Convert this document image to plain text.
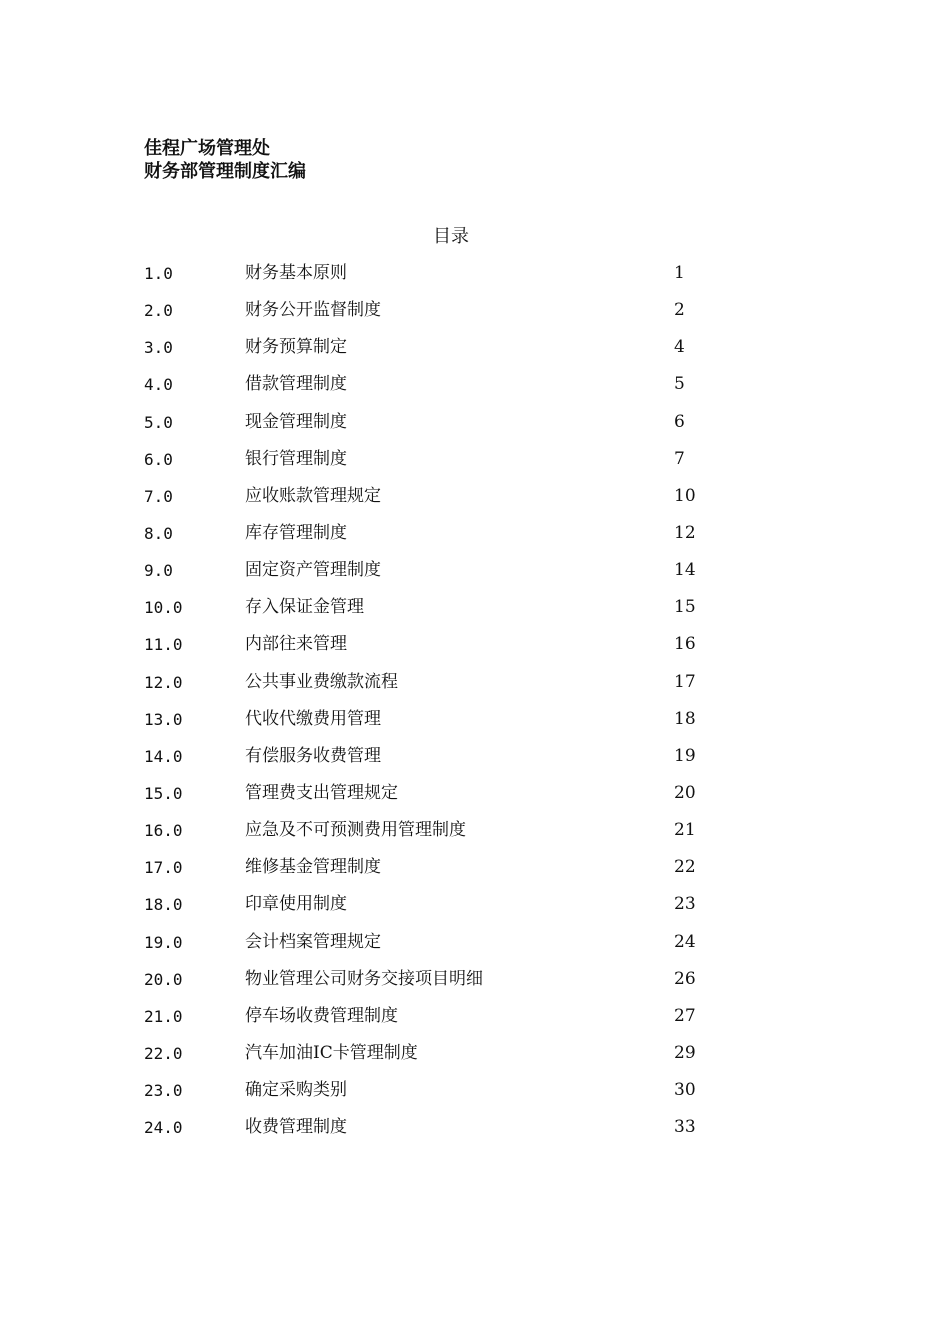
佳程广场管理处
财务部管理制度汇编
目录
1.0	财务基本原则	1
2.0	财务公开监督制度	2
3.0	财务预算制定	4
4.0	借款管理制度	5
5.0	现金管理制度	6
6.0	银行管理制度	7
7.0	应收账款管理规定	10
8.0	库存管理制度	12
9.0	固定资产管理制度	14
10.0	存入保证金管理	15
11.0	内部往来管理	16
12.0	公共事业费缴款流程	17
13.0	代收代缴费用管理	18
14.0	有偿服务收费管理	19
15.0	管理费支出管理规定	20
16.0	应急及不可预测费用管理制度	21
17.0	维修基金管理制度	22
18.0	印章使用制度	23
19.0	会计档案管理规定	24
20.0	物业管理公司财务交接项目明细	26
21.0	停车场收费管理制度	27
22.0	汽车加油IC卡管理制度	29
23.0	确定采购类别	30
24.0	收费管理制度	33
